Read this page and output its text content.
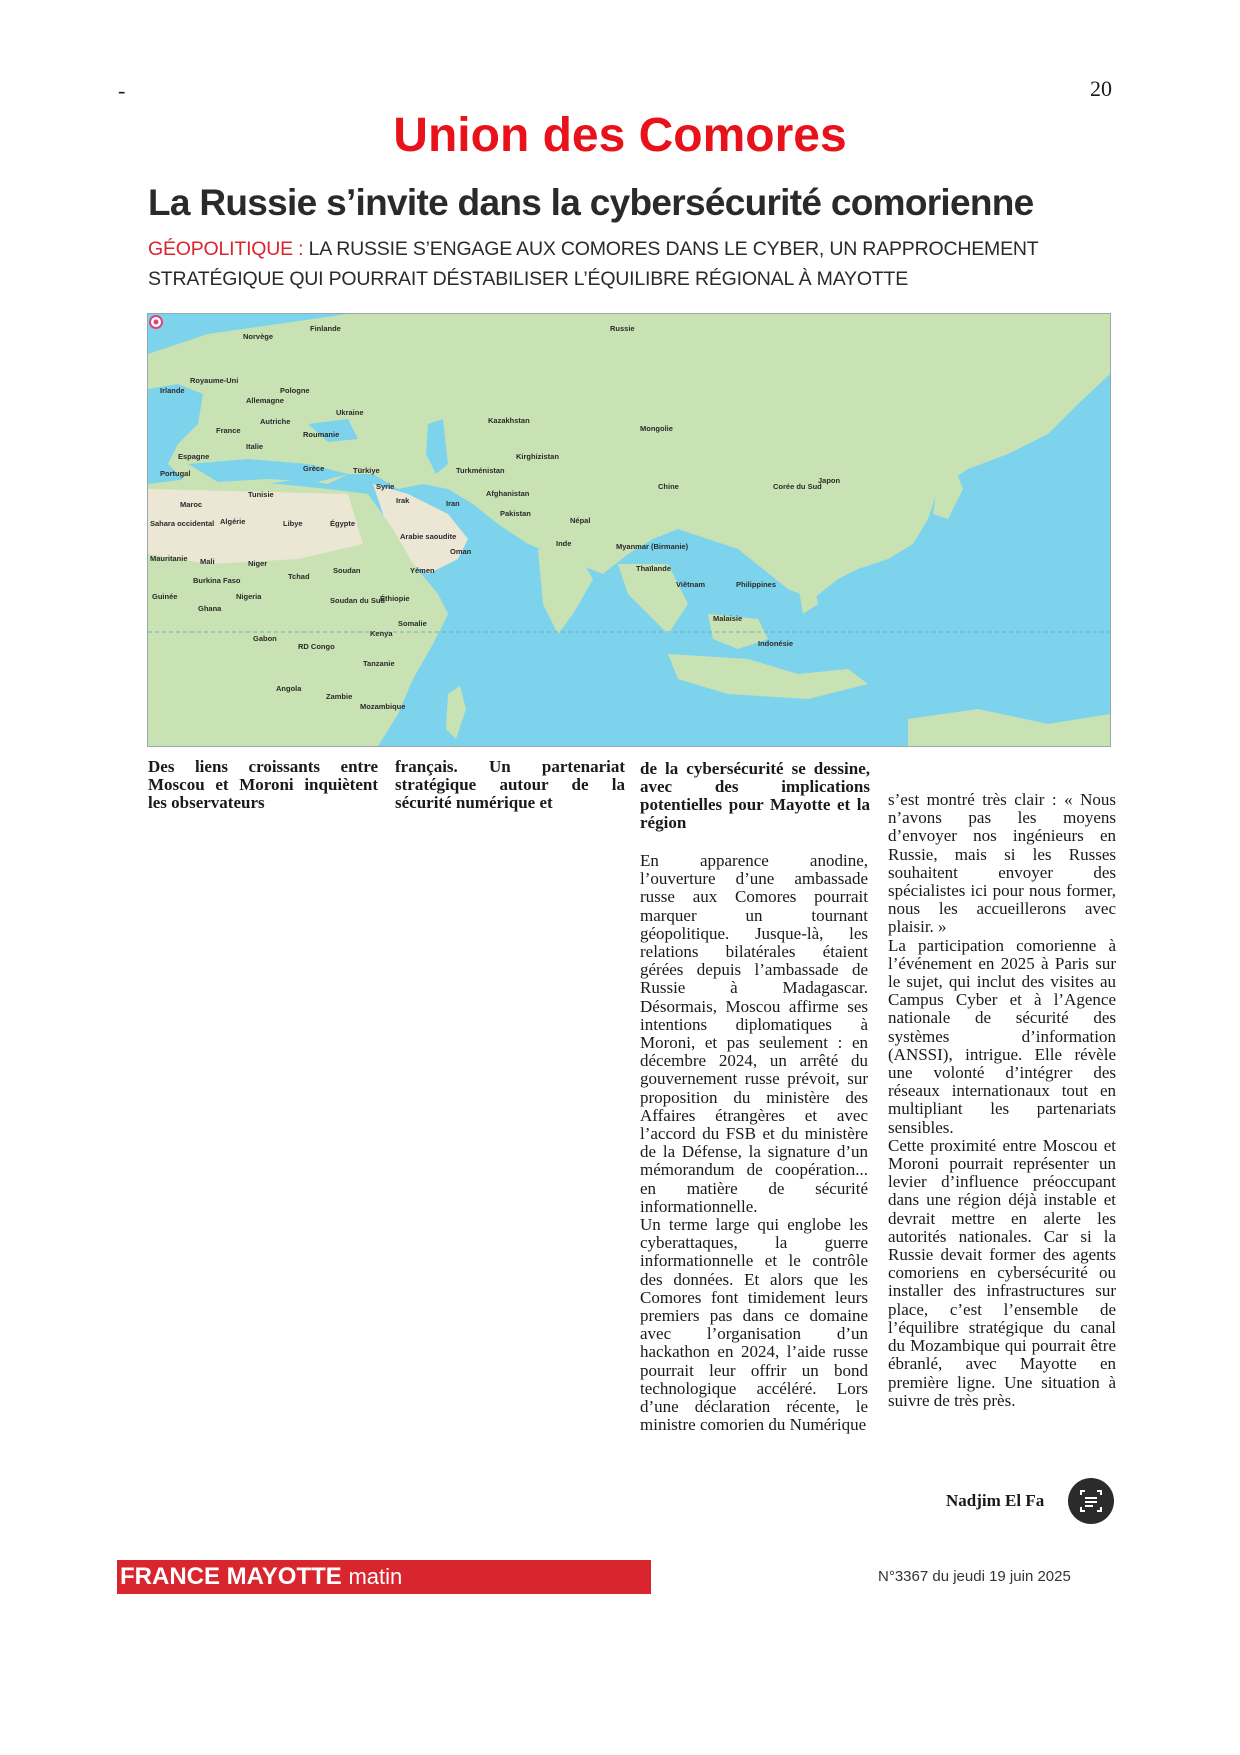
-	20
Union des Comores
La Russie s’invite dans la cybersécurité comorienne
GÉOPOLITIQUE : LA RUSSIE S’ENGAGE AUX COMORES DANS LE CYBER, UN RAPPROCHEMENT STRATÉGIQUE QUI POURRAIT DÉSTABILISER L’ÉQUILIBRE RÉGIONAL À MAYOTTE
Russie
Finlande
Norvège
Royaume-Uni
Irlande	Pologne
Allemagne
Ukraine
Autriche
France	Roumanie
Italie
Espagne
Portugal
Grèce	Türkiye
Kazakhstan
Mongolie
Kirghizistan
Turkménistan
Syrie
Irak	Iran
Afghanistan
Pakistan
Chine
Japon
Corée du Sud
Tunisie
Maroc
Algérie	Libye	Égypte
Arabie saoudite
Oman
Népal
Inde	Myanmar (Birmanie)
Thaïlande
Viêtnam	Philippines
Sahara occidental
Mauritanie Mali	Niger
Tchad
Soudan	Yémen
Burkina Faso
Guinée	Nigeria
Ghana
Soudan du Sud
Éthiopie
Somalie
Kenya
Gabon
RD Congo
Tanzanie
Angola
Zambie
Mozambique
Malaisie
Indonésie
Des liens croissants entre Moscou et Moroni inquiètent les observateurs
français. Un partenariat stratégique autour de la sécurité numérique et
de la cybersécurité se dessine, avec des implications potentielles pour Mayotte et la région

En apparence anodine, l’ouverture d’une ambassade russe aux Comores pourrait marquer un tournant géopolitique. Jusque-là, les relations bilatérales étaient gérées depuis l’ambassade de Russie à Madagascar. Désormais, Moscou affirme ses intentions diplomatiques à Moroni, et pas seulement : en décembre 2024, un arrêté du gouvernement russe prévoit, sur proposition du ministère des Affaires étrangères et avec l’accord du FSB et du ministère de la Défense, la signature d’un mémorandum de coopération... en matière de sécurité informationnelle.

Un terme large qui englobe les cyberattaques, la guerre informationnelle et le contrôle des données. Et alors que les Comores font timidement leurs premiers pas dans ce domaine avec l’organisation d’un hackathon en 2024, l’aide russe pourrait leur offrir un bond technologique accéléré. Lors d’une déclaration récente, le ministre comorien du Numérique

s’est montré très clair : « Nous n’avons pas les moyens d’envoyer nos ingénieurs en Russie, mais si les Russes souhaitent envoyer des spécialistes ici pour nous former, nous les accueillerons avec plaisir. »

La participation comorienne à l’événement en 2025 à Paris sur le sujet, qui inclut des visites au Campus Cyber et à l’Agence nationale de sécurité des systèmes d’information (ANSSI), intrigue. Elle révèle une volonté d’intégrer des réseaux internationaux tout en multipliant les partenariats sensibles.

Cette proximité entre Moscou et Moroni pourrait représenter un levier d’influence préoccupant dans une région déjà instable et devrait mettre en alerte les autorités nationales. Car si la Russie devait former des agents comoriens en cybersécurité ou installer des infrastructures sur place, c’est l’ensemble de l’équilibre stratégique du canal du Mozambique qui pourrait être ébranlé, avec Mayotte en première ligne. Une situation à suivre de très près.

Nadjim El Fa
FRANCE MAYOTTE matin	N°3367 du jeudi 19 juin 2025
